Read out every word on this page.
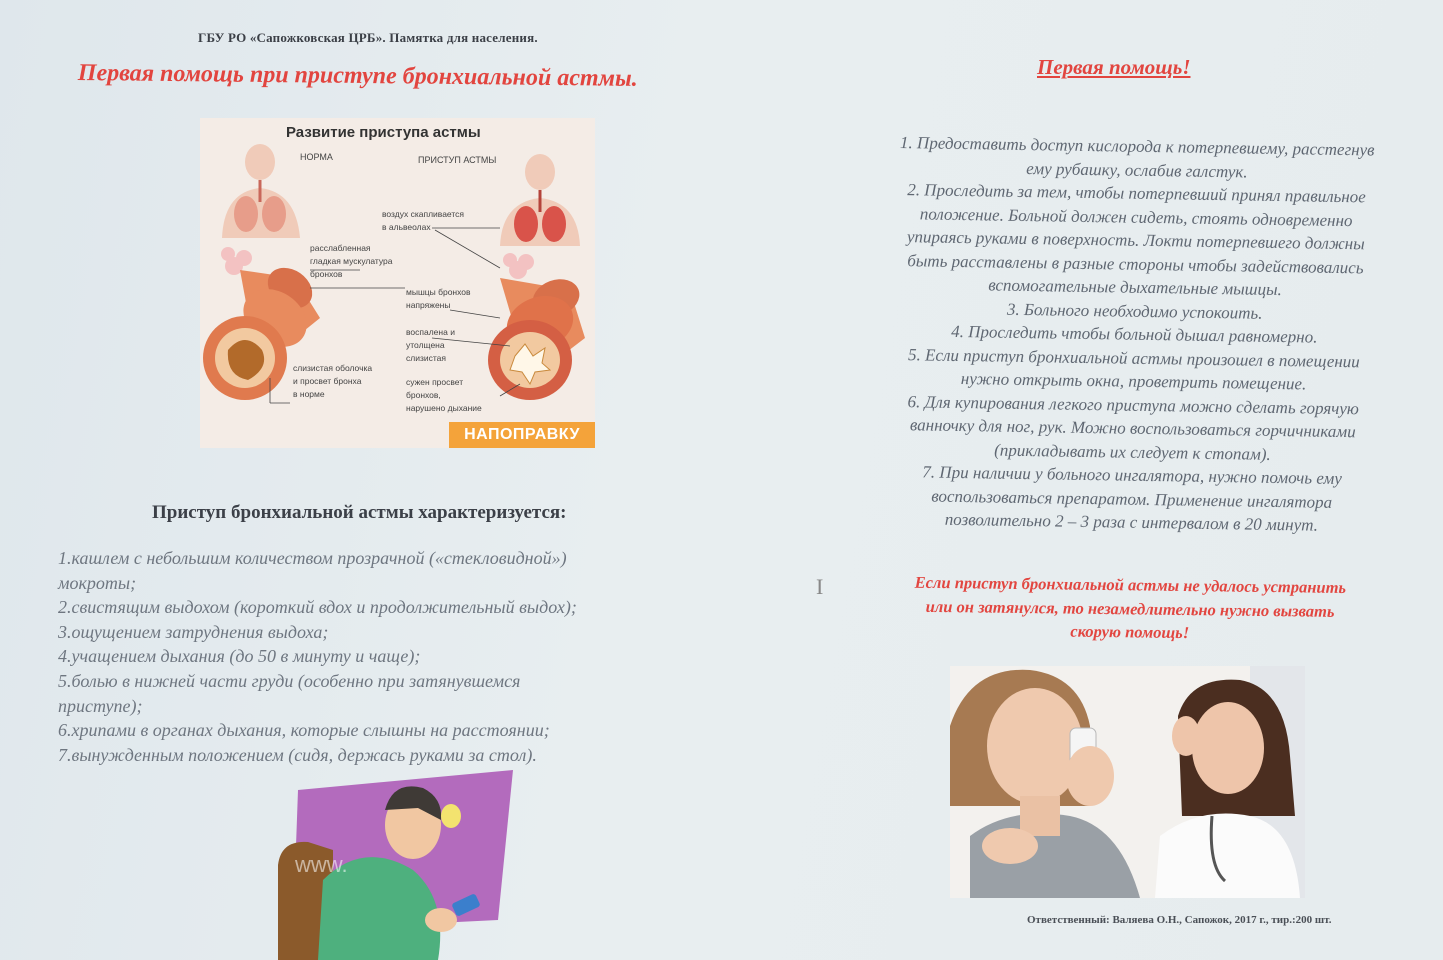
ГБУ РО «Сапожковская ЦРБ». Памятка для населения.
Первая помощь при приступе бронхиальной астмы.	Первая помощь!
Развитие приступа астмы
НОРМА	ПРИСТУП АСТМЫ
воздух скапливается
в альвеолах
расслабленная
гладкая мускулатура
бронхов
мышцы бронхов
напряжены
воспалена и
утолщена
слизистая
слизистая оболочка
и просвет бронха
в норме
сужен просвет
бронхов,
нарушено дыхание
НАПОПРАВКУ
Приступ бронхиальной астмы характеризуется:
1.кашлем с небольшим количеством прозрачной («стекловидной»)
мокроты;
2.свистящим выдохом (короткий вдох и продолжительный выдох);
3.ощущением затруднения выдоха;
4.учащением дыхания (до 50 в минуту и чаще);
5.болью в нижней части груди (особенно при затянувшемся
приступе);
6.хрипами в органах дыхания, которые слышны на расстоянии;
7.вынужденным положением (сидя, держась руками за стол).
1. Предоставить доступ кислорода к потерпевшему, расстегнув
ему рубашку, ослабив галстук.
2. Проследить за тем, чтобы потерпевший принял правильное
положение. Больной должен сидеть, стоять одновременно
упираясь руками в поверхность. Локти потерпевшего должны
быть расставлены в разные стороны чтобы задействовались
вспомогательные дыхательные мышцы.
3. Больного необходимо успокоить.
4. Проследить чтобы больной дышал равномерно.
5. Если приступ бронхиальной астмы произошел в помещении
нужно открыть окна, проветрить помещение.
6. Для купирования легкого приступа можно сделать горячую
ванночку для ног, рук. Можно воспользоваться горчичниками
(прикладывать их следует к стопам).
7. При наличии у больного ингалятора, нужно помочь ему
воспользоваться препаратом. Применение ингалятора
позволительно 2 – 3 раза с интервалом в 20 минут.
I	Если приступ бронхиальной астмы не удалось устранить
или он затянулся, то незамедлительно нужно вызвать
скорую помощь!
www.
Ответственный: Валяева О.Н., Сапожок, 2017 г., тир.:200 шт.
